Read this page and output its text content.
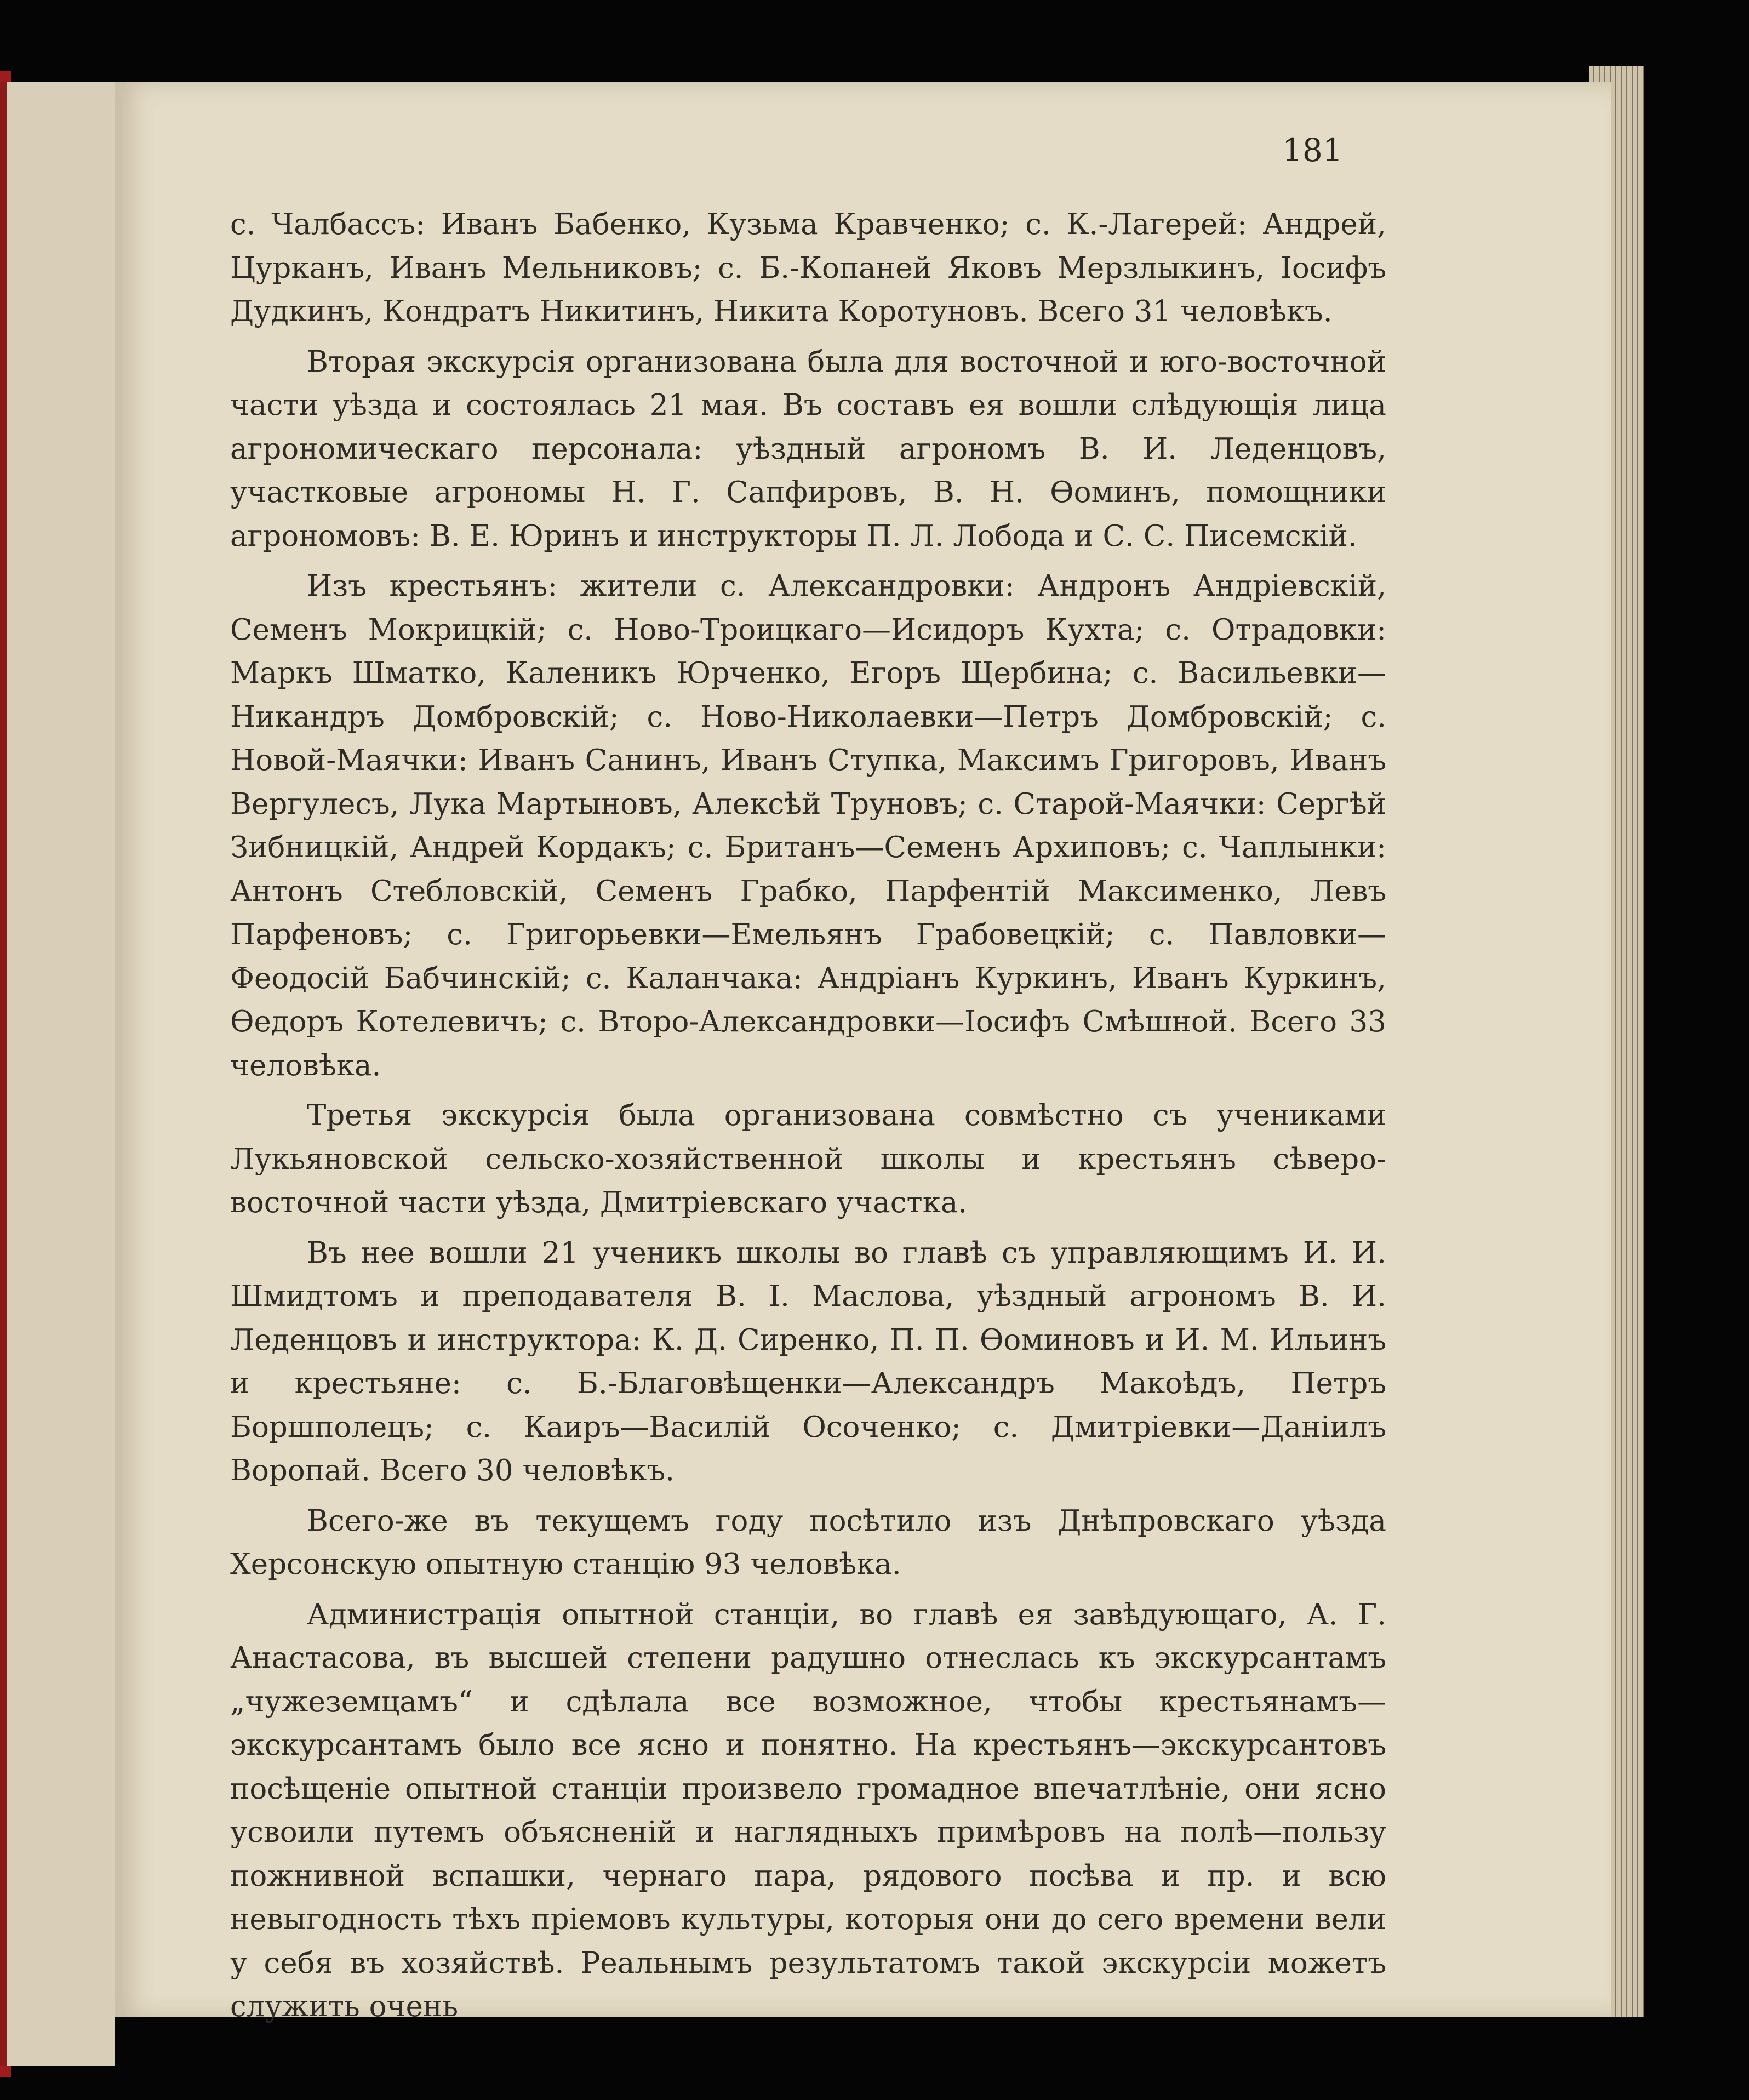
181

с. Чалбассъ: Иванъ Бабенко, Кузьма Кравченко; с. К.-Лагерей: Андрей, Цурканъ, Иванъ Мельниковъ; с. Б.-Копаней Яковъ Мерзлыкинъ, Іосифъ Дудкинъ, Кондратъ Никитинъ, Никита Коротуновъ. Всего 31 человѣкъ.

Вторая экскурсія организована была для восточной и юго-восточной части уѣзда и состоялась 21 мая. Въ составъ ея вошли слѣдующія лица агрономическаго персонала: уѣздный агрономъ В. И. Леденцовъ, участковые агрономы Н. Г. Сапфировъ, В. Н. Ѳоминъ, помощники агрономовъ: В. Е. Юринъ и инструкторы П. Л. Лобода и С. С. Писемскій.

Изъ крестьянъ: жители с. Александровки: Андронъ Андріевскій, Семенъ Мокрицкій; с. Ново-Троицкаго—Исидоръ Кухта; с. Отрадовки: Маркъ Шматко, Каленикъ Юрченко, Егоръ Щербина; с. Васильевки—Никандръ Домбровскій; с. Ново-Николаевки—Петръ Домбровскій; с. Новой-Маячки: Иванъ Санинъ, Иванъ Ступка, Максимъ Григоровъ, Иванъ Вергулесъ, Лука Мартыновъ, Алексѣй Труновъ; с. Старой-Маячки: Сергѣй Зибницкій, Андрей Кордакъ; с. Британъ—Семенъ Архиповъ; с. Чаплынки: Антонъ Стебловскій, Семенъ Грабко, Парфентій Максименко, Левъ Парфеновъ; с. Григорьевки—Емельянъ Грабовецкій; с. Павловки—Феодосій Бабчинскій; с. Каланчака: Андріанъ Куркинъ, Иванъ Куркинъ, Ѳедоръ Котелевичъ; с. Второ-Александровки—Іосифъ Смѣшной. Всего 33 человѣка.

Третья экскурсія была организована совмѣстно съ учениками Лукьяновской сельско-хозяйственной школы и крестьянъ сѣверо-восточной части уѣзда, Дмитріевскаго участка.

Въ нее вошли 21 ученикъ школы во главѣ съ управляющимъ И. И. Шмидтомъ и преподавателя В. І. Маслова, уѣздный агрономъ В. И. Леденцовъ и инструктора: К. Д. Сиренко, П. П. Ѳоминовъ и И. М. Ильинъ и крестьяне: с. Б.-Благовѣщенки—Александръ Макоѣдъ, Петръ Боршполецъ; с. Каиръ—Василій Осоченко; с. Дмитріевки—Даніилъ Воропай. Всего 30 человѣкъ.

Всего-же въ текущемъ году посѣтило изъ Днѣпровскаго уѣзда Херсонскую опытную станцію 93 человѣка.

Администрація опытной станціи, во главѣ ея завѣдующаго, А. Г. Анастасова, въ высшей степени радушно отнеслась къ экскурсантамъ „чужеземцамъ“ и сдѣлала все возможное, чтобы крестьянамъ—экскурсантамъ было все ясно и понятно. На крестьянъ—экскурсантовъ посѣщеніе опытной станціи произвело громадное впечатлѣніе, они ясно усвоили путемъ объясненій и наглядныхъ примѣровъ на полѣ—пользу пожнивной вспашки, чернаго пара, рядового посѣва и пр. и всю невыгодность тѣхъ пріемовъ культуры, которыя они до сего времени вели у себя въ хозяйствѣ. Реальнымъ результатомъ такой экскурсіи можетъ служить очень
